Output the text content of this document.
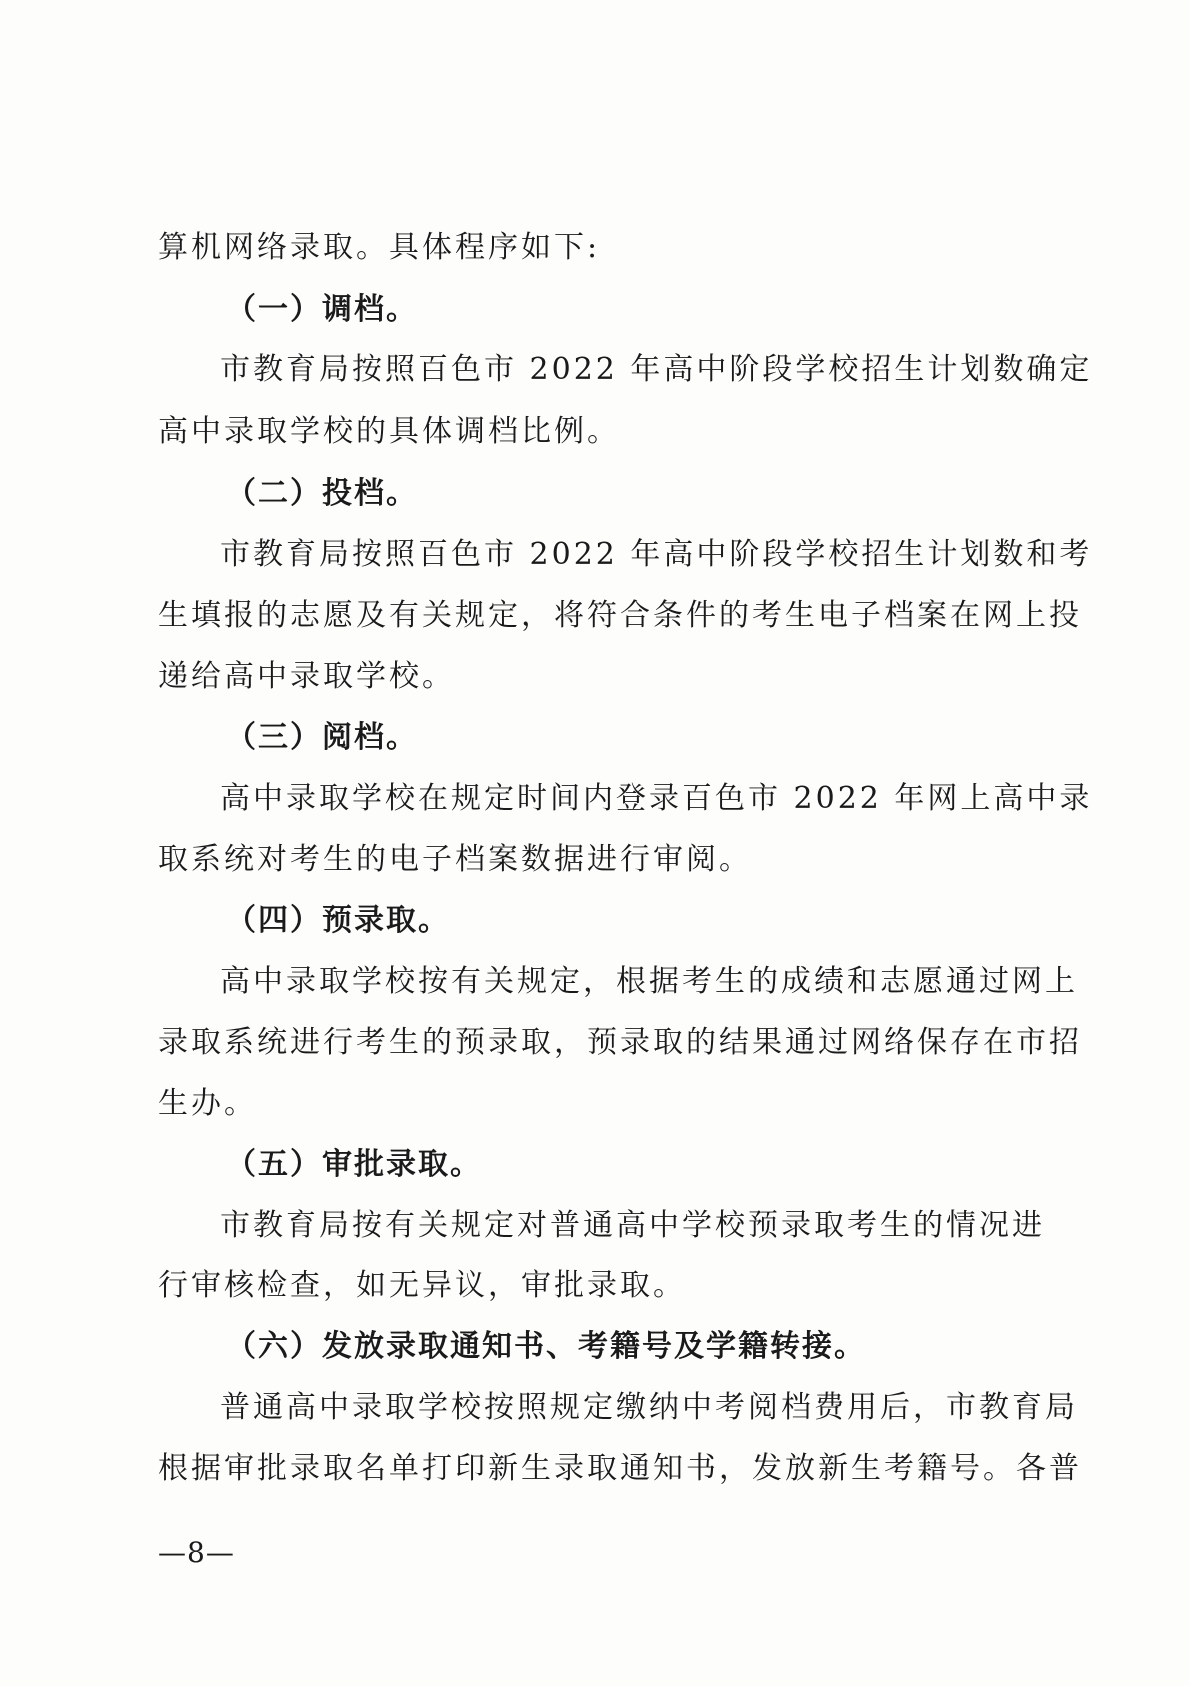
算机网络录取。具体程序如下:
（一）调档。
市教育局按照百色市 2022 年高中阶段学校招生计划数确定
高中录取学校的具体调档比例。
（二）投档。
市教育局按照百色市 2022 年高中阶段学校招生计划数和考
生填报的志愿及有关规定，将符合条件的考生电子档案在网上投
递给高中录取学校。
（三）阅档。
高中录取学校在规定时间内登录百色市 2022 年网上高中录
取系统对考生的电子档案数据进行审阅。
（四）预录取。
高中录取学校按有关规定，根据考生的成绩和志愿通过网上
录取系统进行考生的预录取，预录取的结果通过网络保存在市招
生办。
（五）审批录取。
市教育局按有关规定对普通高中学校预录取考生的情况进
行审核检查，如无异议，审批录取。
（六）发放录取通知书、考籍号及学籍转接。
普通高中录取学校按照规定缴纳中考阅档费用后，市教育局
根据审批录取名单打印新生录取通知书，发放新生考籍号。各普
—8—
